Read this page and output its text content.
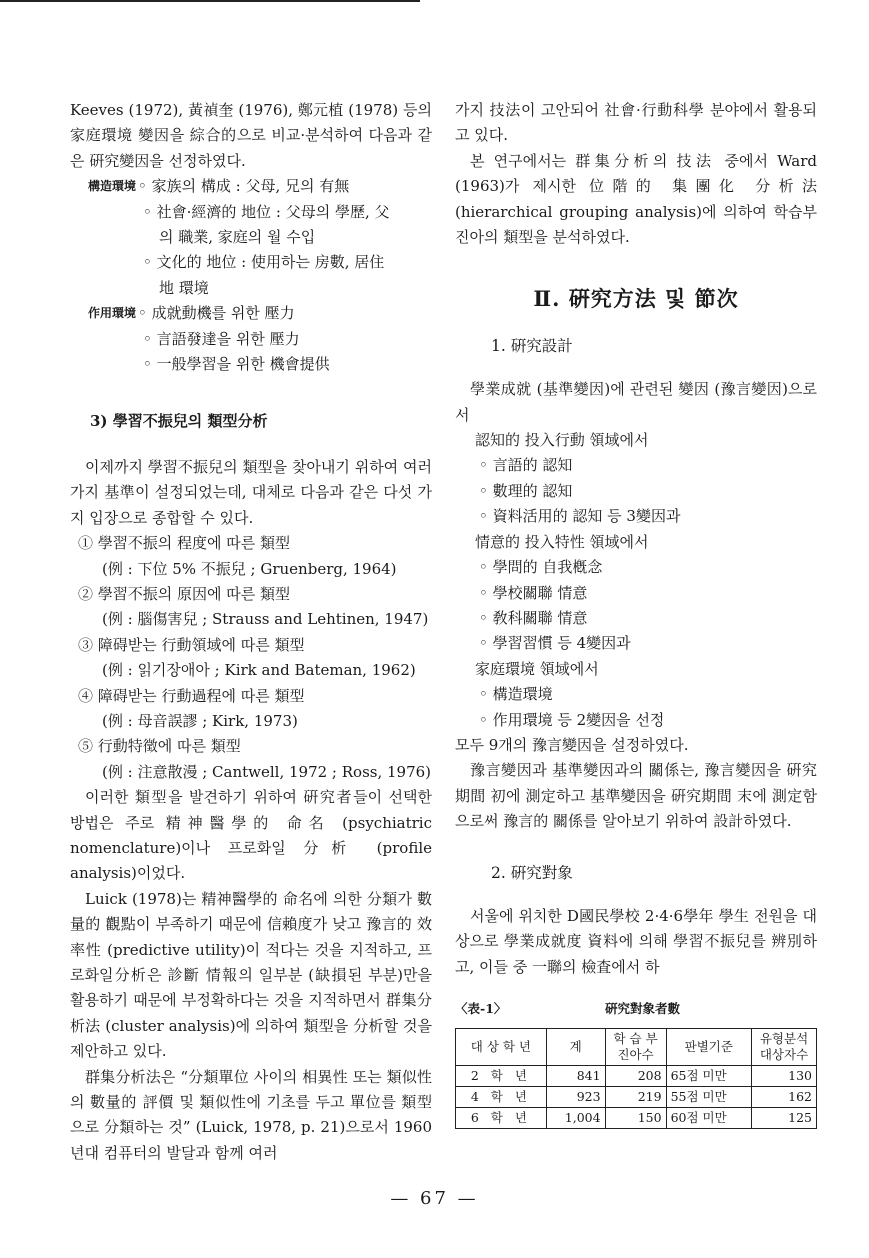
Keeves (1972), 黃禎奎 (1976), 鄭元植 (1978) 등의 家庭環境 變因을 綜合的으로 비교·분석하여 다음과 같은 硏究變因을 선정하였다.

構造環境 ◦ 家族의 構成 : 父母, 兄의 有無
◦ 社會·經濟的 地位 : 父母의 學歷, 父
의 職業, 家庭의 월 수입
◦ 文化的 地位 : 使用하는 房數, 居住
地 環境
作用環境 ◦ 成就動機를 위한 壓力
◦ 言語發達을 위한 壓力
◦ 一般學習을 위한 機會提供
3) 學習不振兒의 類型分析

이제까지 學習不振兒의 類型을 찾아내기 위하여 여러가지 基準이 설정되었는데, 대체로 다음과 같은 다섯 가지 입장으로 종합할 수 있다.

① 學習不振의 程度에 따른 類型
(例 : 下位 5% 不振兒 ; Gruenberg, 1964)
② 學習不振의 原因에 따른 類型
(例 : 腦傷害兒 ; Strauss and Lehtinen, 1947)
③ 障碍받는 行動領域에 따른 類型
(例 : 읽기장애아 ; Kirk and Bateman, 1962)
④ 障碍받는 行動過程에 따른 類型
(例 : 母音誤謬 ; Kirk, 1973)
⑤ 行動特徵에 따른 類型
(例 : 注意散漫 ; Cantwell, 1972 ; Ross, 1976)

이러한 類型을 발견하기 위하여 硏究者들이 선택한 방법은 주로 精神醫學的 命名 (psychiatric nomenclature)이나 프로화일 分析 (profile analysis)이었다.

Luick (1978)는 精神醫學的 命名에 의한 分類가 數量的 觀點이 부족하기 때문에 信賴度가 낮고 豫言的 效率性 (predictive utility)이 적다는 것을 지적하고, 프로화일分析은 診斷 情報의 일부분 (缺損된 부분)만을 활용하기 때문에 부정확하다는 것을 지적하면서 群集分析法 (cluster analysis)에 의하여 類型을 分析할 것을 제안하고 있다.

群集分析法은 “分類單位 사이의 相異性 또는 類似性의 數量的 評價 및 類似性에 기초를 두고 單位를 類型으로 分類하는 것” (Luick, 1978, p. 21)으로서 1960년대 컴퓨터의 발달과 함께 여러

가지 技法이 고안되어 社會·行動科學 분야에서 활용되고 있다.

본 연구에서는 群集分析의 技法 중에서 Ward (1963)가 제시한 位階的 集團化 分析法 (hierarchical grouping analysis)에 의하여 학습부진아의 類型을 분석하였다.

Ⅱ. 硏究方法 및 節次
1. 硏究設計

學業成就 (基準變因)에 관련된 變因 (豫言變因)으로서

認知的 投入行動 領域에서
◦ 言語的 認知
◦ 數理的 認知
◦ 資料活用的 認知 등 3變因과
情意的 投入特性 領域에서
◦ 學問的 自我槪念
◦ 學校關聯 情意
◦ 敎科關聯 情意
◦ 學習習慣 등 4變因과
家庭環境 領域에서
◦ 構造環境
◦ 作用環境 등 2變因을 선정

모두 9개의 豫言變因을 설정하였다.

豫言變因과 基準變因과의 關係는, 豫言變因을 硏究期間 初에 測定하고 基準變因을 硏究期間 末에 測定함으로써 豫言的 關係를 알아보기 위하여 設計하였다.

2. 硏究對象

서울에 위치한 D國民學校 2·4·6學年 學生 전원을 대상으로 學業成就度 資料에 의해 學習不振兒를 辨別하고, 이들 중 一聯의 檢査에서 하

〈表-1〉	硏究對象者數
대 상 학 년	계	학 습 부진아수	판별기준	유형분석 대상자수
2 학 년	841	208	65점 미만	130
4 학 년	923	219	55점 미만	162
6 학 년	1,004	150	60점 미만	125
— 67 —
